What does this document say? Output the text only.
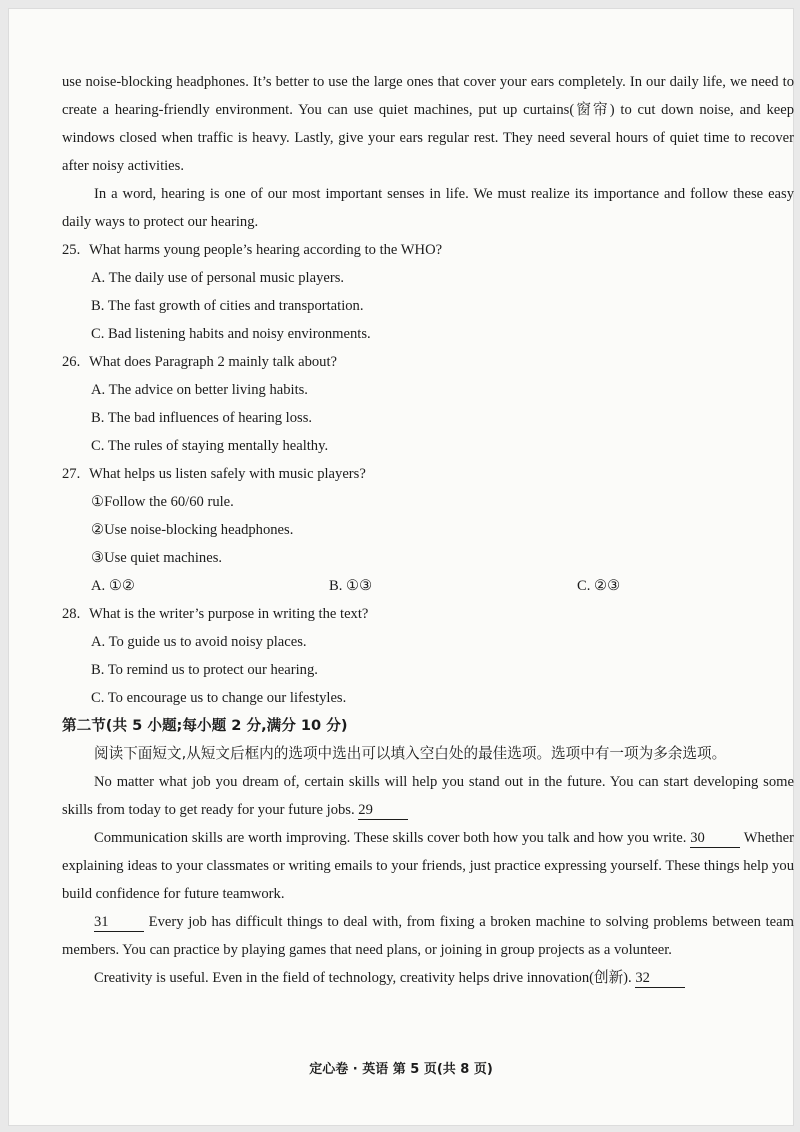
use noise-blocking headphones. It’s better to use the large ones that cover your ears completely. In our daily life, we need to create a hearing-friendly environment. You can use quiet machines, put up curtains(窗帘) to cut down noise, and keep windows closed when traffic is heavy. Lastly, give your ears regular rest. They need several hours of quiet time to recover after noisy activities.
In a word, hearing is one of our most important senses in life. We must realize its importance and follow these easy daily ways to protect our hearing.
25. What harms young people’s hearing according to the WHO?
A. The daily use of personal music players.
B. The fast growth of cities and transportation.
C. Bad listening habits and noisy environments.
26. What does Paragraph 2 mainly talk about?
A. The advice on better living habits.
B. The bad influences of hearing loss.
C. The rules of staying mentally healthy.
27. What helps us listen safely with music players?
①Follow the 60/60 rule.
②Use noise-blocking headphones.
③Use quiet machines.
A. ①②	B. ①③	C. ②③
28. What is the writer’s purpose in writing the text?
A. To guide us to avoid noisy places.
B. To remind us to protect our hearing.
C. To encourage us to change our lifestyles.
第二节(共 5 小题;每小题 2 分,满分 10 分)
阅读下面短文,从短文后框内的选项中选出可以填入空白处的最佳选项。选项中有一项为多余选项。
No matter what job you dream of, certain skills will help you stand out in the future. You can start developing some skills from today to get ready for your future jobs. 29
Communication skills are worth improving. These skills cover both how you talk and how you write. 30	Whether explaining ideas to your classmates or writing emails to your friends, just practice expressing yourself. These things help you build confidence for future teamwork.
31	Every job has difficult things to deal with, from fixing a broken machine to solving problems between team members. You can practice by playing games that need plans, or joining in group projects as a volunteer.
Creativity is useful. Even in the field of technology, creativity helps drive innovation(创新). 32
定心卷 · 英语 第 5 页(共 8 页)
